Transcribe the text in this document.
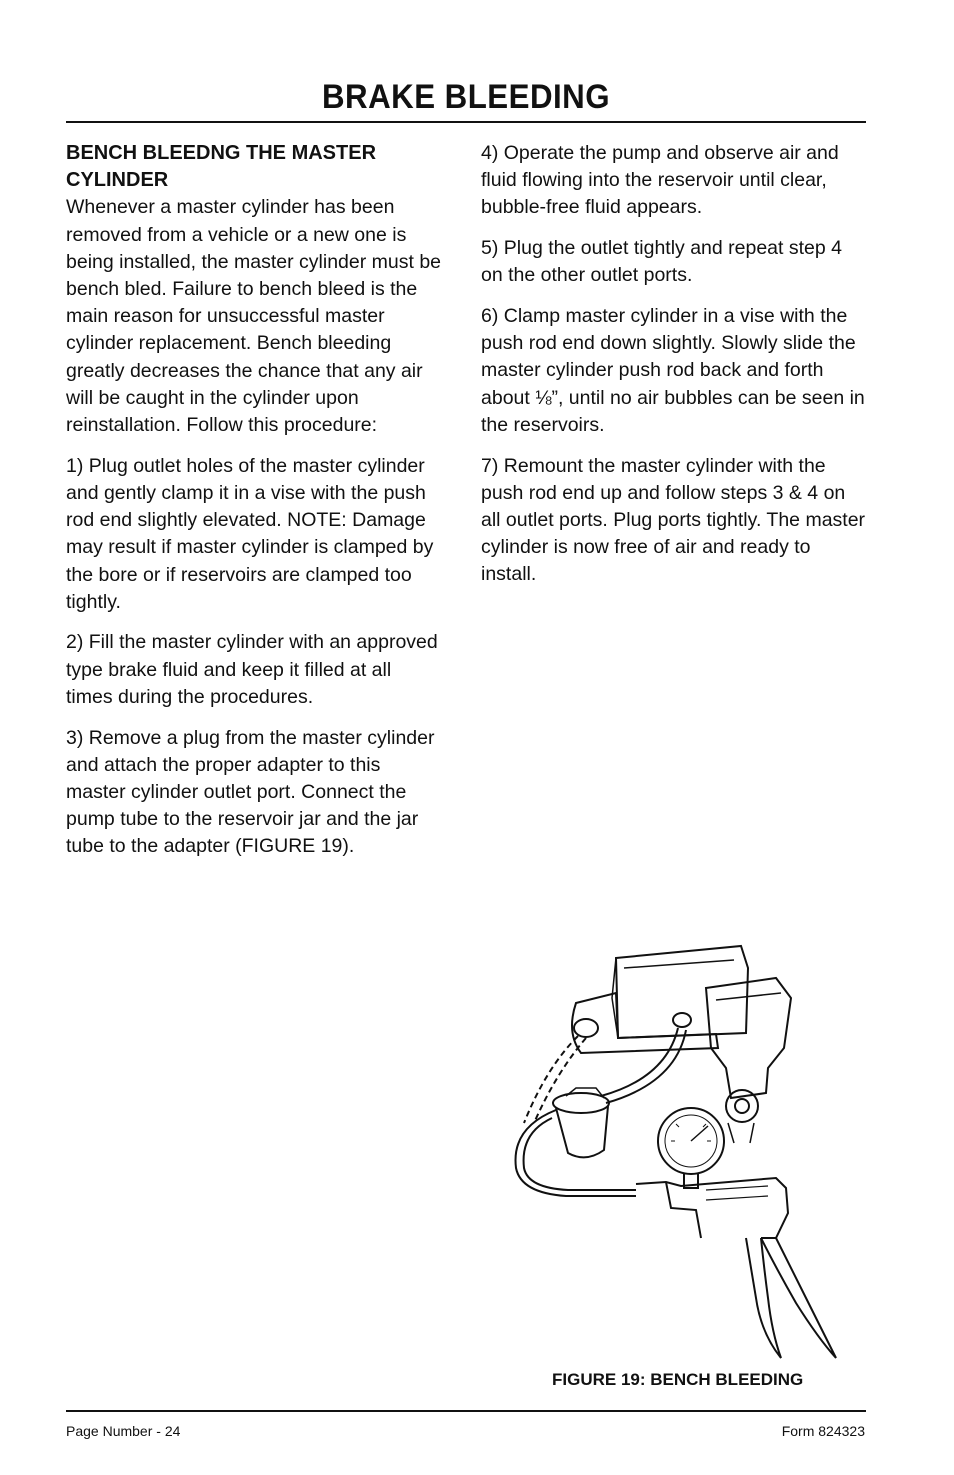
BRAKE BLEEDING
BENCH BLEEDNG THE MASTER CYLINDER

Whenever a master cylinder has been removed from a vehicle or a new one is being installed, the master cylinder must be bench bled. Failure to bench bleed is the main reason for unsuccessful master cylinder replacement. Bench bleeding greatly decreases the chance that any air will be caught in the cylinder upon reinstallation. Follow this procedure:

1) Plug outlet holes of the master cylinder and gently clamp it in a vise with the push rod end slightly elevated. NOTE: Damage may result if master cylinder is clamped by the bore or if reservoirs are clamped too tightly.

2) Fill the master cylinder with an approved type brake fluid and keep it filled at all times during the procedures.

3) Remove a plug from the master cylinder and attach the proper adapter to this master cylinder outlet port. Connect the pump tube to the reservoir jar and the jar tube to the adapter (FIGURE 19).

4) Operate the pump and observe air and fluid flowing into the reservoir until clear, bubble-free fluid appears.

5) Plug the outlet tightly and repeat step 4 on the other outlet ports.

6) Clamp master cylinder in a vise with the push rod end down slightly. Slowly slide the master cylinder push rod back and forth about ⅛”, until no air bubbles can be seen in the reservoirs.

7) Remount the master cylinder with the push rod end up and follow steps 3 & 4 on all outlet ports. Plug ports tightly. The master cylinder is now free of air and ready to install.

FIGURE 19: BENCH BLEEDING
Page Number - 24	Form 824323
